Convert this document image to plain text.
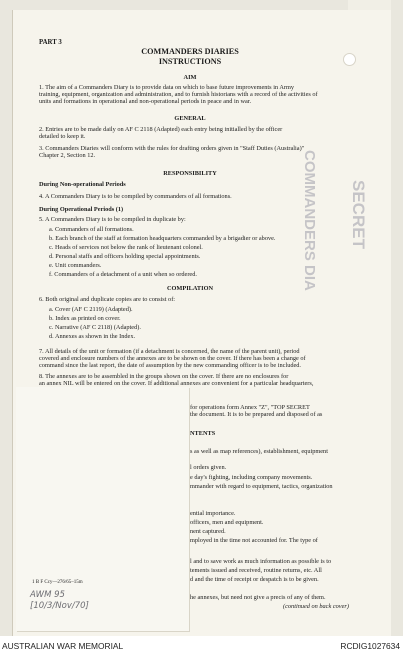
COMMANDERS DIA SECRET
PART 3
COMMANDERS DIARIES
INSTRUCTIONS
AIM
1. The aim of a Commanders Diary is to provide data on which to base future improvements in Army
training, equipment, organization and administration, and to furnish historians with a record of the activities of
units and formations in operational and non-operational periods in peace and in war.
GENERAL
2. Entries are to be made daily on AF C 2118 (Adapted) each entry being initialled by the officer
detailed to keep it.
3. Commanders Diaries will conform with the rules for drafting orders given in "Staff Duties (Australia)"
Chapter 2, Section 12.
RESPONSIBILITY
During Non-operational Periods
4. A Commanders Diary is to be compiled by commanders of all formations.
During Operational Periods (1)
5. A Commanders Diary is to be compiled in duplicate by:
a. Commanders of all formations.
b. Each branch of the staff at formation headquarters commanded by a brigadier or above.
c. Heads of services not below the rank of lieutenant colonel.
d. Personal staffs and officers holding special appointments.
e. Unit commanders.
f. Commanders of a detachment of a unit when so ordered.
COMPILATION
6. Both original and duplicate copies are to consist of:
a. Cover (AF C 2119) (Adapted).
b. Index as printed on cover.
c. Narrative (AF C 2118) (Adapted).
d. Annexes as shown in the Index.
7. All details of the unit or formation (if a detachment is concerned, the name of the parent unit), period
covered and enclosure numbers of the annexes are to be shown on the cover. If there has been a change of
command since the last report, the date of assumption by the new commanding officer is to be included.
8. The annexes are to be assembled in the groups shown on the cover. If there are no enclosures for
an annex NIL will be entered on the cover. If additional annexes are convenient for a particular headquarters,
for operations form Annex "Z", "TOP SECRET
the document. It is to be prepared and disposed of as
NTENTS
s as well as map references), establishment, equipment
l orders given.
e day's fighting, including company movements.
mmander with regard to equipment, tactics, organization
ential importance.
officers, men and equipment.
nent captured.
mployed in the time not accounted for. The type of
l and to save work as much information as possible is to
tements issued and received, routine returns, etc. All
d and the time of receipt or despatch is to be given.
he annexes, but need not give a precis of any of them.
(continued on back cover)
1 B F Ccy—276/65–15m
AWM 95
[10/3/Nov/70]
AUSTRALIAN WAR MEMORIAL	RCDIG1027634
